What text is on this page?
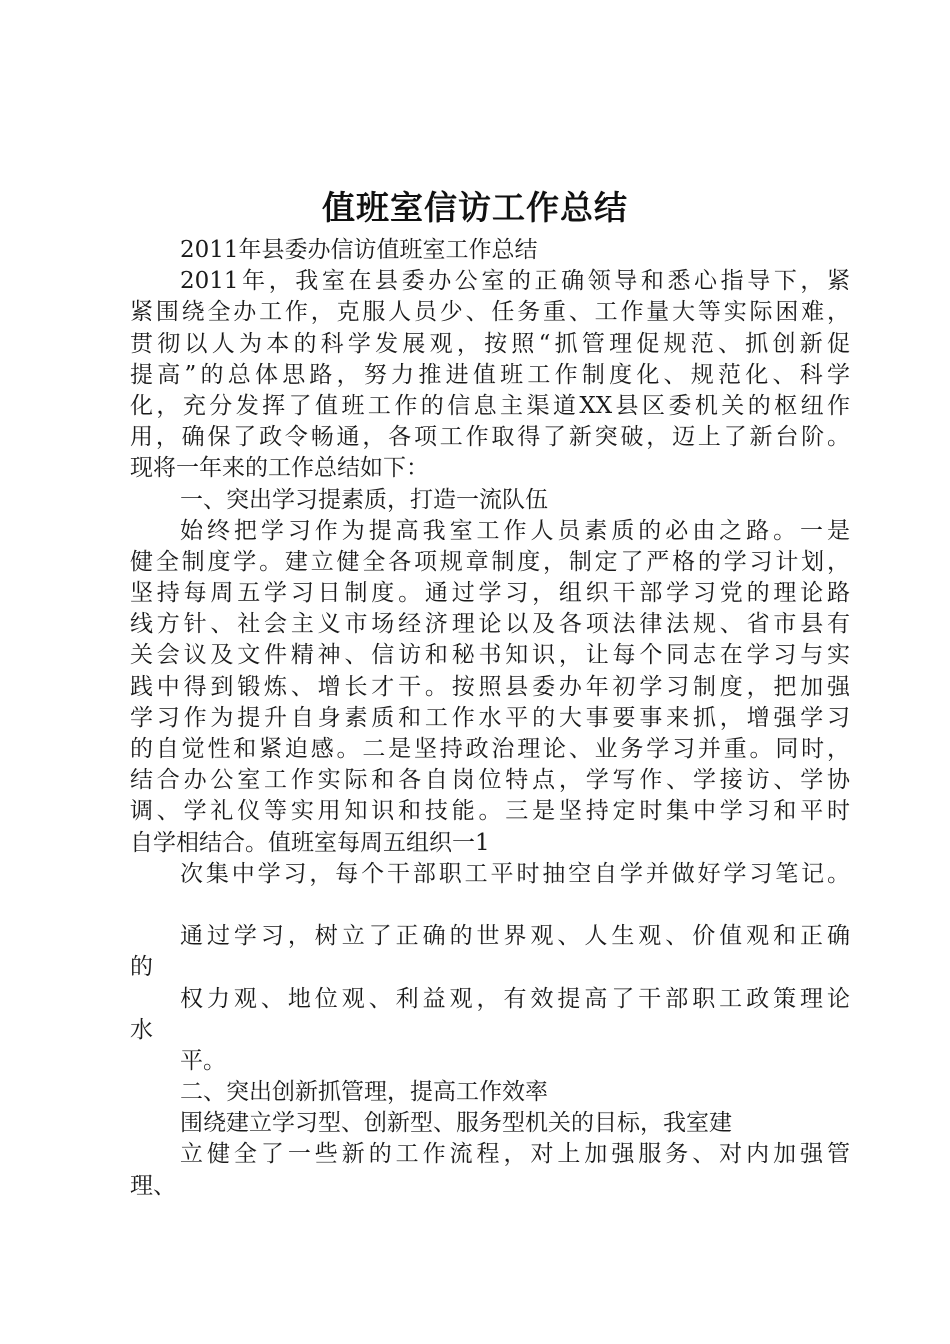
值班室信访工作总结
2011年县委办信访值班室工作总结
2011年，我室在县委办公室的正确领导和悉心指导下，紧
紧围绕全办工作，克服人员少、任务重、工作量大等实际困难，
贯彻以人为本的科学发展观，按照“抓管理促规范、抓创新促
提高”的总体思路，努力推进值班工作制度化、规范化、科学
化，充分发挥了值班工作的信息主渠道XX县区委机关的枢纽作
用，确保了政令畅通，各项工作取得了新突破，迈上了新台阶。
现将一年来的工作总结如下：
一、突出学习提素质，打造一流队伍
始终把学习作为提高我室工作人员素质的必由之路。一是
健全制度学。建立健全各项规章制度，制定了严格的学习计划，
坚持每周五学习日制度。通过学习，组织干部学习党的理论路
线方针、社会主义市场经济理论以及各项法律法规、省市县有
关会议及文件精神、信访和秘书知识，让每个同志在学习与实
践中得到锻炼、增长才干。按照县委办年初学习制度，把加强
学习作为提升自身素质和工作水平的大事要事来抓，增强学习
的自觉性和紧迫感。二是坚持政治理论、业务学习并重。同时，
结合办公室工作实际和各自岗位特点，学写作、学接访、学协
调、学礼仪等实用知识和技能。三是坚持定时集中学习和平时
自学相结合。值班室每周五组织一1
次集中学习，每个干部职工平时抽空自学并做好学习笔记。
通过学习，树立了正确的世界观、人生观、价值观和正确
的
权力观、地位观、利益观，有效提高了干部职工政策理论
水
平。
二、突出创新抓管理，提高工作效率
围绕建立学习型、创新型、服务型机关的目标，我室建
立健全了一些新的工作流程，对上加强服务、对内加强管
理、
